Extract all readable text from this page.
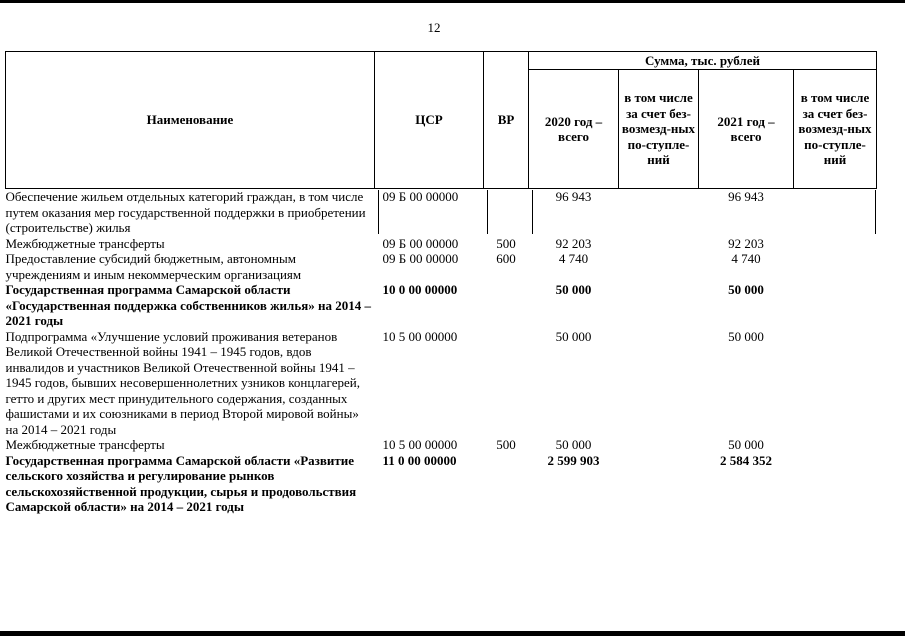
12
Наименование	ЦСР	ВР	Сумма, тыс. рублей			
			2020 год – всего	в том числе за счет без-возмезд-ных по-ступле-ний	2021 год – всего	в том числе за счет без-возмезд-ных по-ступле-ний
Обеспечение жильем отдельных категорий граждан, в том числе путем оказания мер государственной поддержки в приобретении (строительстве) жилья	09 Б 00 00000		96 943		96 943	
Межбюджетные трансферты	09 Б 00 00000	500	92 203		92 203	
Предоставление субсидий бюджетным, автономным учреждениям и иным некоммерческим организациям	09 Б 00 00000	600	4 740		4 740	
Государственная программа Самарской области «Государственная поддержка собственников жилья» на 2014 – 2021 годы	10 0 00 00000		50 000		50 000	
Подпрограмма «Улучшение условий проживания ветеранов Великой Отечественной войны 1941 – 1945 годов, вдов инвалидов и участников Великой Отечественной войны 1941 – 1945 годов, бывших несовершеннолетних узников концлагерей, гетто и других мест принудительного содержания, созданных фашистами и их союзниками в период Второй мировой войны» на 2014 – 2021 годы	10 5 00 00000		50 000		50 000	
Межбюджетные трансферты	10 5 00 00000	500	50 000		50 000	
Государственная программа Самарской области «Развитие сельского хозяйства и регулирование рынков сельскохозяйственной продукции, сырья и продовольствия Самарской области» на 2014 – 2021 годы	11 0 00 00000		2 599 903		2 584 352	
